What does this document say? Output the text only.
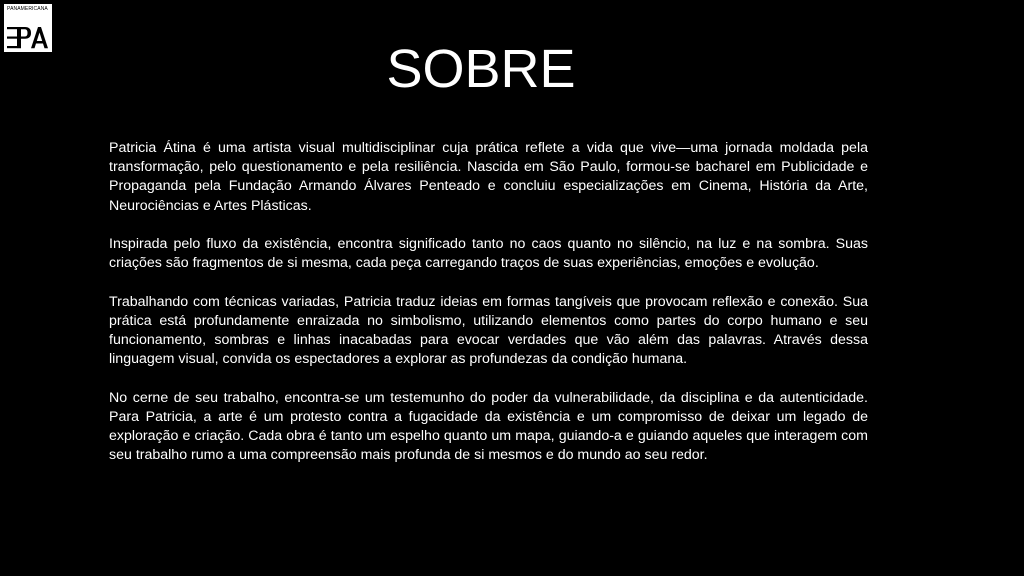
PANAMERICANA
SOBRE

Patricia Átina é uma artista visual multidisciplinar cuja prática reflete a vida que vive—uma jornada moldada pela transformação, pelo questionamento e pela resiliência. Nascida em São Paulo, formou-se bacharel em Publicidade e Propaganda pela Fundação Armando Álvares Penteado e concluiu especializações em Cinema, História da Arte, Neurociências e Artes Plásticas.

Inspirada pelo fluxo da existência, encontra significado tanto no caos quanto no silêncio, na luz e na sombra. Suas criações são fragmentos de si mesma, cada peça carregando traços de suas experiências, emoções e evolução.

Trabalhando com técnicas variadas, Patricia traduz ideias em formas tangíveis que provocam reflexão e conexão. Sua prática está profundamente enraizada no simbolismo, utilizando elementos como partes do corpo humano e seu funcionamento, sombras e linhas inacabadas para evocar verdades que vão além das palavras. Através dessa linguagem visual, convida os espectadores a explorar as profundezas da condição humana.

No cerne de seu trabalho, encontra-se um testemunho do poder da vulnerabilidade, da disciplina e da autenticidade. Para Patricia, a arte é um protesto contra a fugacidade da existência e um compromisso de deixar um legado de exploração e criação. Cada obra é tanto um espelho quanto um mapa, guiando-a e guiando aqueles que interagem com seu trabalho rumo a uma compreensão mais profunda de si mesmos e do mundo ao seu redor.
